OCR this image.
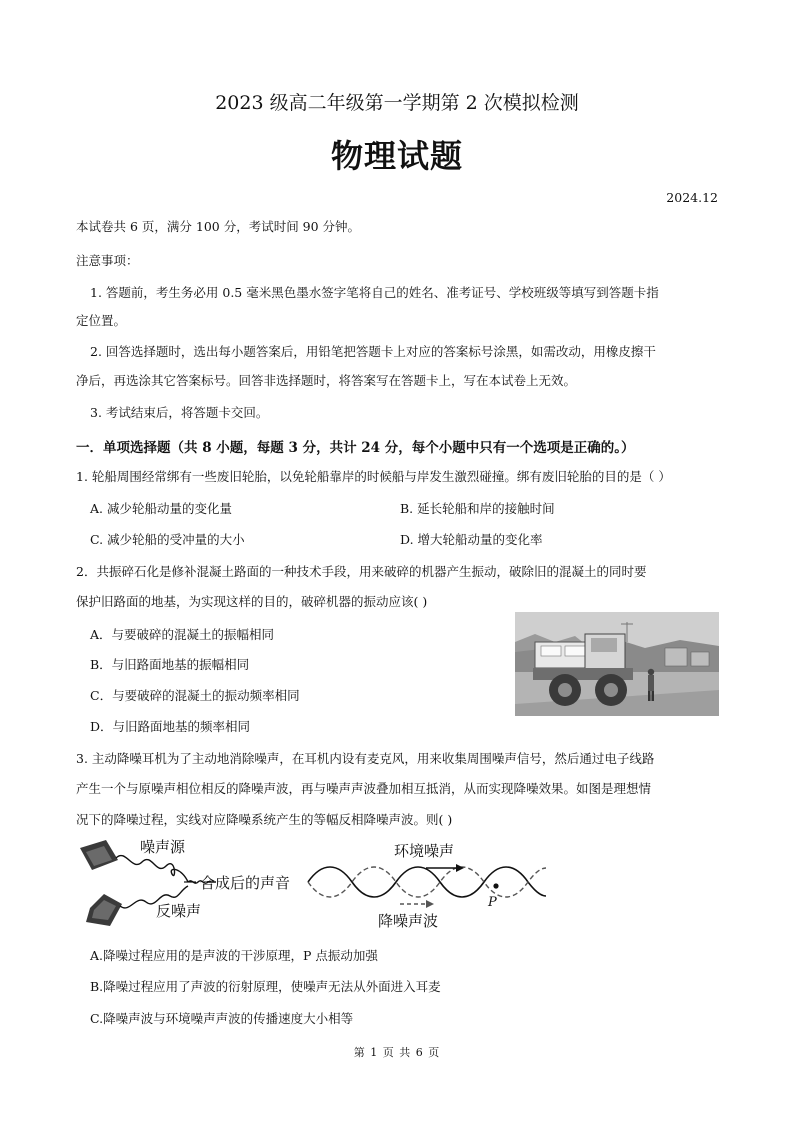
2023 级高二年级第一学期第 2 次模拟检测
物理试题
2024.12
本试卷共 6 页，满分 100 分，考试时间 90 分钟。
注意事项：
1. 答题前，考生务必用 0.5 毫米黑色墨水签字笔将自己的姓名、准考证号、学校班级等填写到答题卡指
定位置。
2. 回答选择题时，选出每小题答案后，用铅笔把答题卡上对应的答案标号涂黑，如需改动，用橡皮擦干
净后，再选涂其它答案标号。回答非选择题时，将答案写在答题卡上，写在本试卷上无效。
3. 考试结束后，将答题卡交回。
一．单项选择题（共 8 小题，每题 3 分，共计 24 分，每个小题中只有一个选项是正确的。）
1. 轮船周围经常绑有一些废旧轮胎，以免轮船靠岸的时候船与岸发生激烈碰撞。绑有废旧轮胎的目的是（ ）
A. 减少轮船动量的变化量	B. 延长轮船和岸的接触时间
C. 减少轮船的受冲量的大小	D. 增大轮船动量的变化率
2．共振碎石化是修补混凝土路面的一种技术手段，用来破碎的机器产生振动，破除旧的混凝土的同时要
保护旧路面的地基，为实现这样的目的，破碎机器的振动应该( )
A．与要破碎的混凝土的振幅相同
B．与旧路面地基的振幅相同
C．与要破碎的混凝土的振动频率相同
D．与旧路面地基的频率相同
3. 主动降噪耳机为了主动地消除噪声，在耳机内设有麦克风，用来收集周围噪声信号，然后通过电子线路
产生一个与原噪声相位相反的降噪声波，再与噪声声波叠加相互抵消，从而实现降噪效果。如图是理想情
况下的降噪过程，实线对应降噪系统产生的等幅反相降噪声波。则( )
噪声源
合成后的声音
反噪声	P
环境噪声
降噪声波
A.降噪过程应用的是声波的干涉原理，P 点振动加强
B.降噪过程应用了声波的衍射原理，使噪声无法从外面进入耳麦
C.降噪声波与环境噪声声波的传播速度大小相等
第 1 页 共 6 页
